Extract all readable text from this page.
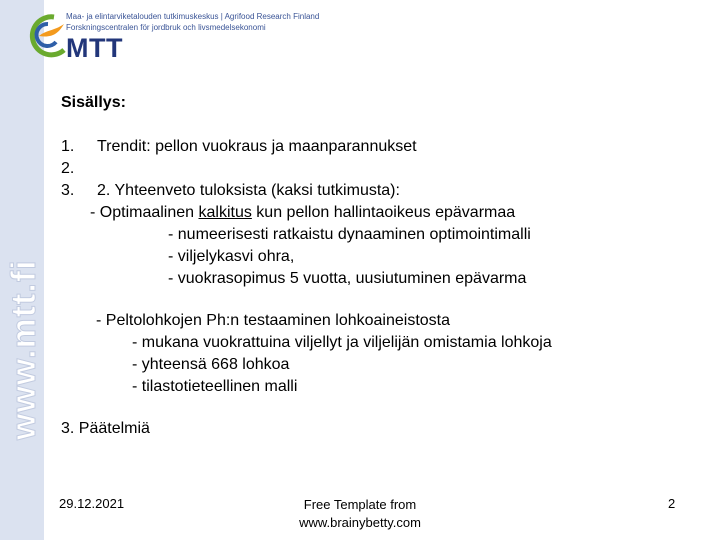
www.mtt.fi
Maa- ja elintarviketalouden tutkimuskeskus | Agrifood Research Finland
Forskningscentralen för jordbruk och livsmedelsekonomi
MTT
Sisällys:
1. Trendit: pellon vuokraus ja maanparannukset
2.
3. 2. Yhteenveto tuloksista (kaksi tutkimusta):
- Optimaalinen kalkitus kun pellon hallintaoikeus epävarmaa
- numeerisesti ratkaistu dynaaminen optimointimalli
- viljelykasvi ohra,
- vuokrasopimus 5 vuotta, uusiutuminen epävarma
- Peltolohkojen Ph:n testaaminen lohkoaineistosta
- mukana vuokrattuina viljellyt ja viljelijän omistamia lohkoja
- yhteensä 668 lohkoa
- tilastotieteellinen malli
3. Päätelmiä
29.12.2021	Free Template from
www.brainybetty.com
2
